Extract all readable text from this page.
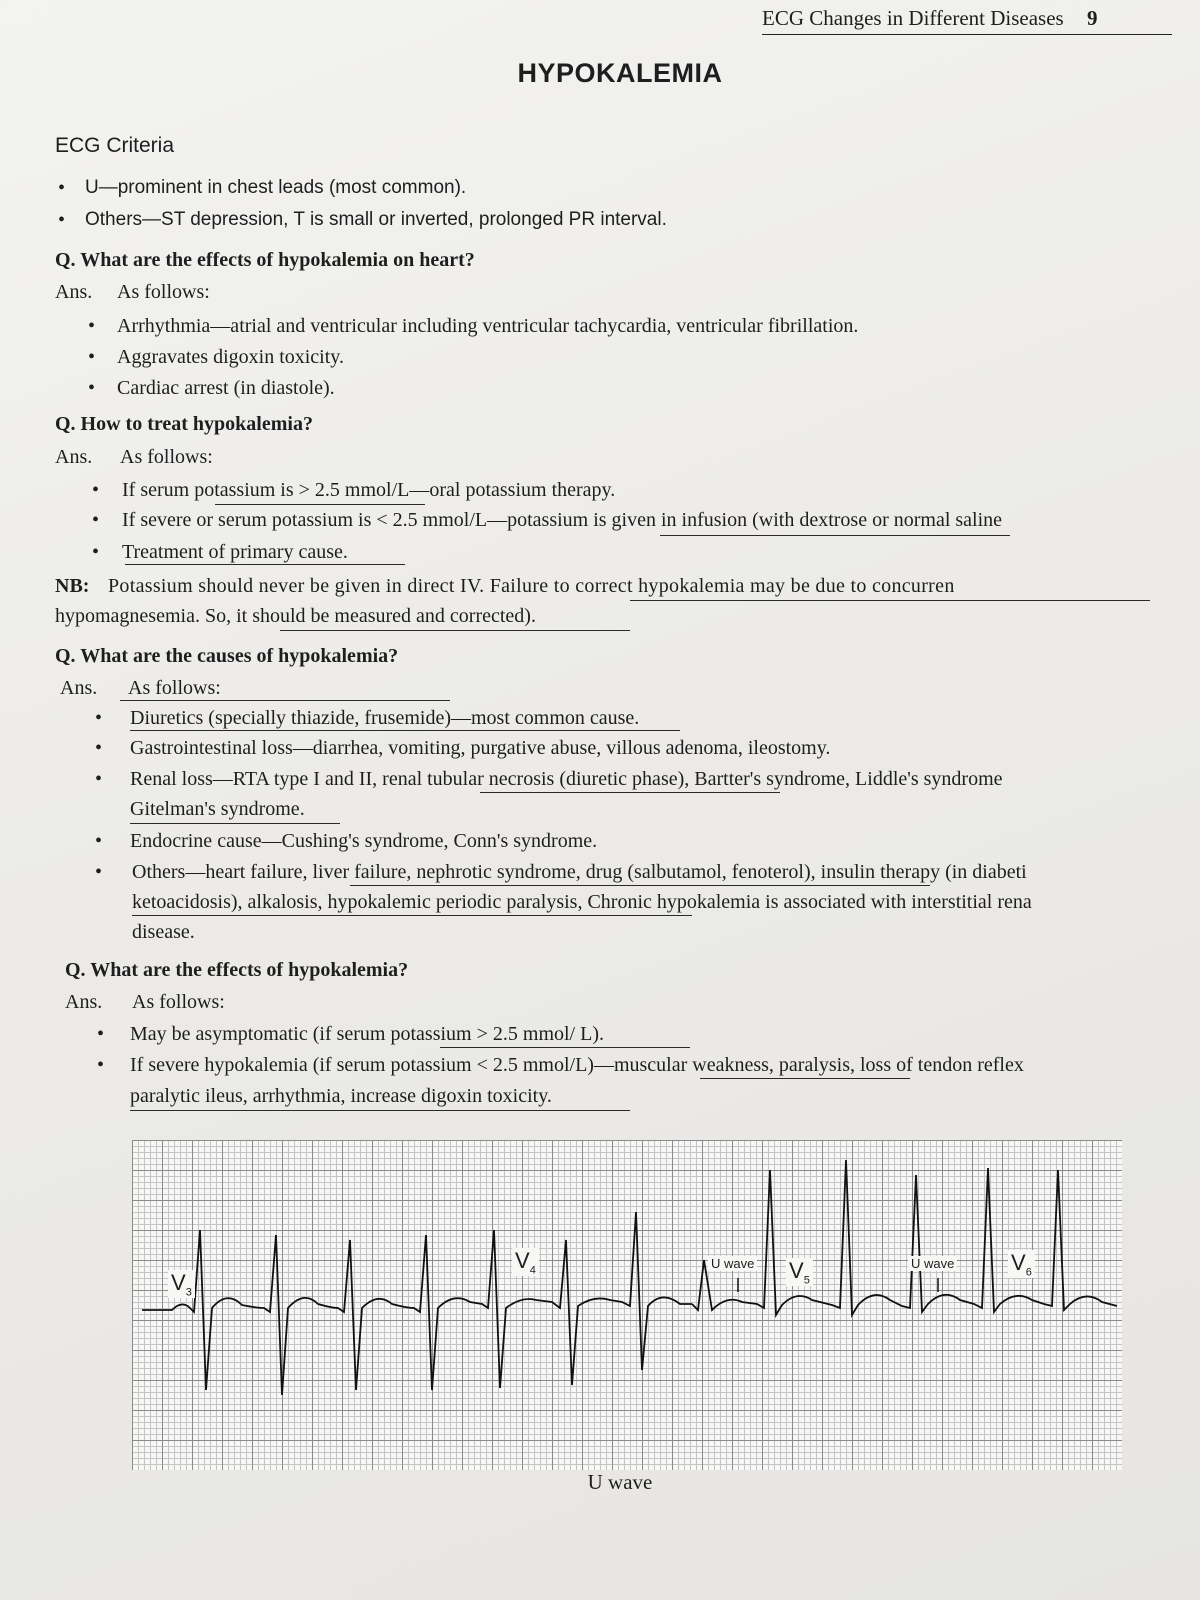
ECG Changes in Different Diseases 9
HYPOKALEMIA
ECG Criteria
• U—prominent in chest leads (most common).
• Others—ST depression, T is small or inverted, prolonged PR interval.
Q. What are the effects of hypokalemia on heart?
Ans. As follows:
• Arrhythmia—atrial and ventricular including ventricular tachycardia, ventricular fibrillation.
• Aggravates digoxin toxicity.
• Cardiac arrest (in diastole).
Q. How to treat hypokalemia?
Ans. As follows:
• If serum potassium is > 2.5 mmol/L—oral potassium therapy.
• If severe or serum potassium is < 2.5 mmol/L—potassium is given in infusion (with dextrose or normal saline
• Treatment of primary cause.
NB: Potassium should never be given in direct IV. Failure to correct hypokalemia may be due to concurren
hypomagnesemia. So, it should be measured and corrected).
Q. What are the causes of hypokalemia?
Ans. As follows:
• Diuretics (specially thiazide, frusemide)—most common cause.
• Gastrointestinal loss—diarrhea, vomiting, purgative abuse, villous adenoma, ileostomy.
• Renal loss—RTA type I and II, renal tubular necrosis (diuretic phase), Bartter's syndrome, Liddle's syndrome
Gitelman's syndrome.
• Endocrine cause—Cushing's syndrome, Conn's syndrome.
• Others—heart failure, liver failure, nephrotic syndrome, drug (salbutamol, fenoterol), insulin therapy (in diabeti
ketoacidosis), alkalosis, hypokalemic periodic paralysis, Chronic hypokalemia is associated with interstitial rena
disease.
Q. What are the effects of hypokalemia?
Ans. As follows:
• May be asymptomatic (if serum potassium > 2.5 mmol/ L).
• If severe hypokalemia (if serum potassium < 2.5 mmol/L)—muscular weakness, paralysis, loss of tendon reflex
paralytic ileus, arrhythmia, increase digoxin toxicity.
$V_3$
$V_4$	$V_5$
$V_6$
U wave	U wave
U wave
